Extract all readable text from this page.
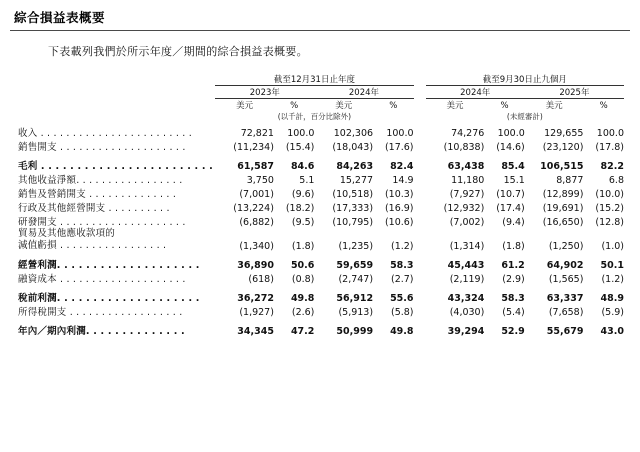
綜合損益表概要
下表載列我們於所示年度／期間的綜合損益表概要。
	截至12月31日止年度					截至9月30日止九個月			
	2023年		2024年			2024年		2025年	
	美元	%	美元	%		美元	%	美元	%
	(以千計，百分比除外)					(未經審計)			

收入 . . . . . . . . . . . . . . . . . . . . . . . .	72,821	100.0	102,306	100.0		74,276	100.0	129,655	100.0
銷售開支 . . . . . . . . . . . . . . . . . . . .	(11,234)	(15.4)	(18,043)	(17.6)		(10,838)	(14.6)	(23,120)	(17.8)

毛利 . . . . . . . . . . . . . . . . . . . . . . . .	61,587	84.6	84,263	82.4		63,438	85.4	106,515	82.2
其他收益淨額. . . . . . . . . . . . . . . . .	3,750	5.1	15,277	14.9		11,180	15.1	8,877	6.8
銷售及營銷開支 . . . . . . . . . . . . . .	(7,001)	(9.6)	(10,518)	(10.3)		(7,927)	(10.7)	(12,899)	(10.0)
行政及其他經營開支 . . . . . . . . . .	(13,224)	(18.2)	(17,333)	(16.9)		(12,932)	(17.4)	(19,691)	(15.2)
研發開支 . . . . . . . . . . . . . . . . . . . .	(6,882)	(9.5)	(10,795)	(10.6)		(7,002)	(9.4)	(16,650)	(12.8)
貿易及其他應收款項的
減值虧損 . . . . . . . . . . . . . . . . .	(1,340)	(1.8)	(1,235)	(1.2)		(1,314)	(1.8)	(1,250)	(1.0)

經營利潤. . . . . . . . . . . . . . . . . . . .	36,890	50.6	59,659	58.3		45,443	61.2	64,902	50.1
融資成本 . . . . . . . . . . . . . . . . . . . .	(618)	(0.8)	(2,747)	(2.7)		(2,119)	(2.9)	(1,565)	(1.2)

稅前利潤. . . . . . . . . . . . . . . . . . . .	36,272	49.8	56,912	55.6		43,324	58.3	63,337	48.9
所得稅開支 . . . . . . . . . . . . . . . . . .	(1,927)	(2.6)	(5,913)	(5.8)		(4,030)	(5.4)	(7,658)	(5.9)

年內／期內利潤. . . . . . . . . . . . . .	34,345	47.2	50,999	49.8		39,294	52.9	55,679	43.0
